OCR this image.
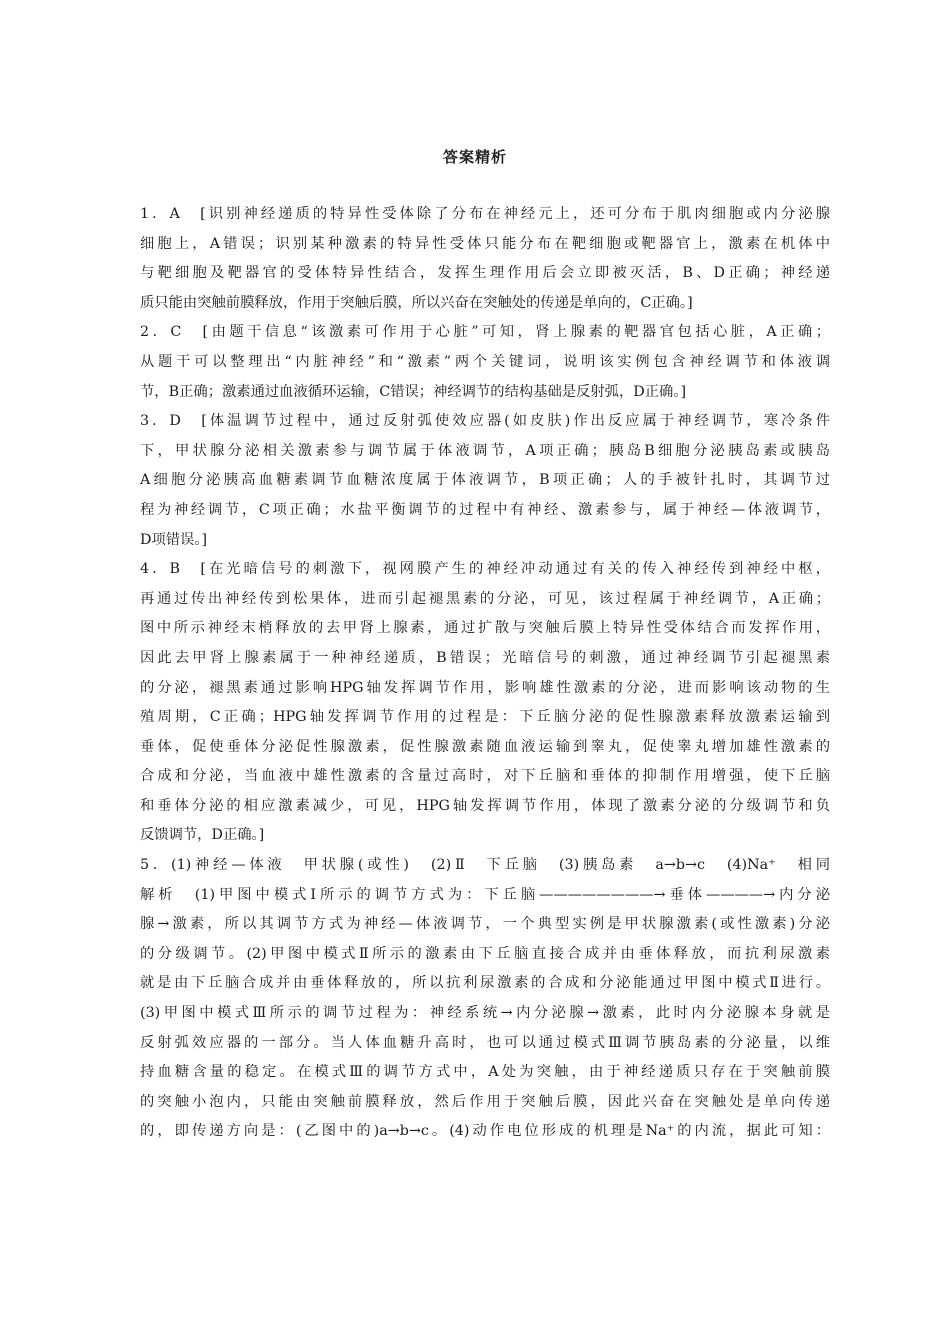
答案精析
1．A　[识别神经递质的特异性受体除了分布在神经元上，还可分布于肌肉细胞或内分泌腺
细胞上，A错误；识别某种激素的特异性受体只能分布在靶细胞或靶器官上，激素在机体中
与靶细胞及靶器官的受体特异性结合，发挥生理作用后会立即被灭活，B、D正确；神经递
质只能由突触前膜释放，作用于突触后膜，所以兴奋在突触处的传递是单向的，C正确。]
2．C　[由题干信息“该激素可作用于心脏”可知，肾上腺素的靶器官包括心脏，A正确；
从题干可以整理出“内脏神经”和“激素”两个关键词，说明该实例包含神经调节和体液调
节，B正确；激素通过血液循环运输，C错误；神经调节的结构基础是反射弧，D正确。]
3．D　[体温调节过程中，通过反射弧使效应器(如皮肤)作出反应属于神经调节，寒冷条件
下，甲状腺分泌相关激素参与调节属于体液调节，A项正确；胰岛B细胞分泌胰岛素或胰岛
A细胞分泌胰高血糖素调节血糖浓度属于体液调节，B项正确；人的手被针扎时，其调节过
程为神经调节，C项正确；水盐平衡调节的过程中有神经、激素参与，属于神经—体液调节，
D项错误。]
4．B　[在光暗信号的刺激下，视网膜产生的神经冲动通过有关的传入神经传到神经中枢，
再通过传出神经传到松果体，进而引起褪黑素的分泌，可见，该过程属于神经调节，A正确；
图中所示神经末梢释放的去甲肾上腺素，通过扩散与突触后膜上特异性受体结合而发挥作用，
因此去甲肾上腺素属于一种神经递质，B错误；光暗信号的刺激，通过神经调节引起褪黑素
的分泌，褪黑素通过影响HPG轴发挥调节作用，影响雄性激素的分泌，进而影响该动物的生
殖周期，C正确；HPG轴发挥调节作用的过程是：下丘脑分泌的促性腺激素释放激素运输到
垂体，促使垂体分泌促性腺激素，促性腺激素随血液运输到睾丸，促使睾丸增加雄性激素的
合成和分泌，当血液中雄性激素的含量过高时，对下丘脑和垂体的抑制作用增强，使下丘脑
和垂体分泌的相应激素减少，可见，HPG轴发挥调节作用，体现了激素分泌的分级调节和负
反馈调节，D正确。]
5．(1)神经—体液　甲状腺(或性)　(2)Ⅱ　下丘脑　(3)胰岛素　a→b→c　(4)Na⁺　相同
解析　(1)甲图中模式Ⅰ所示的调节方式为：下丘脑————————→垂体————→内分泌
腺→激素，所以其调节方式为神经—体液调节，一个典型实例是甲状腺激素(或性激素)分泌
的分级调节。(2)甲图中模式Ⅱ所示的激素由下丘脑直接合成并由垂体释放，而抗利尿激素
就是由下丘脑合成并由垂体释放的，所以抗利尿激素的合成和分泌能通过甲图中模式Ⅱ进行。
(3)甲图中模式Ⅲ所示的调节过程为：神经系统→内分泌腺→激素，此时内分泌腺本身就是
反射弧效应器的一部分。当人体血糖升高时，也可以通过模式Ⅲ调节胰岛素的分泌量，以维
持血糖含量的稳定。在模式Ⅲ的调节方式中，A处为突触，由于神经递质只存在于突触前膜
的突触小泡内，只能由突触前膜释放，然后作用于突触后膜，因此兴奋在突触处是单向传递
的，即传递方向是：(乙图中的)a→b→c。(4)动作电位形成的机理是Na⁺的内流，据此可知：
